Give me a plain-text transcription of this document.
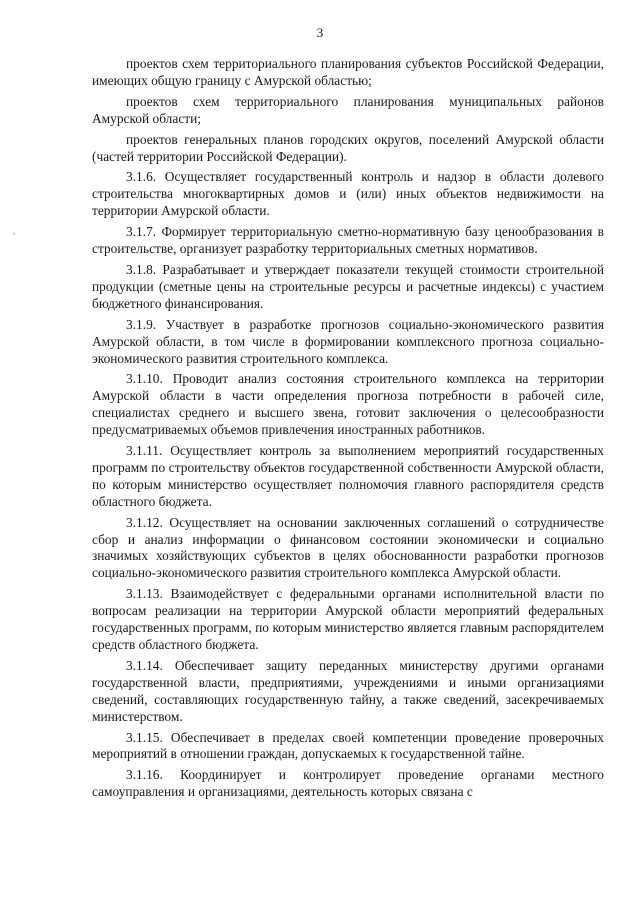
3
ʾ

проектов схем территориального планирования субъектов Российской Федерации, имеющих общую границу с Амурской областью;

проектов схем территориального планирования муниципальных районов Амурской области;

проектов генеральных планов городских округов, поселений Амурской области (частей территории Российской Федерации).

3.1.6. Осуществляет государственный контроль и надзор в области долевого строительства многоквартирных домов и (или) иных объектов недвижимости на территории Амурской области.

3.1.7. Формирует территориальную сметно-нормативную базу ценообразования в строительстве, организует разработку территориальных сметных нормативов.

3.1.8. Разрабатывает и утверждает показатели текущей стоимости строительной продукции (сметные цены на строительные ресурсы и расчетные индексы) с участием бюджетного финансирования.

3.1.9. Участвует в разработке прогнозов социально-экономического развития Амурской области, в том числе в формировании комплексного прогноза социально-экономического развития строительного комплекса.

3.1.10. Проводит анализ состояния строительного комплекса на территории Амурской области в части определения прогноза потребности в рабочей силе, специалистах среднего и высшего звена, готовит заключения о целесообразности предусматриваемых объемов привлечения иностранных работников.

3.1.11. Осуществляет контроль за выполнением мероприятий государственных программ по строительству объектов государственной собственности Амурской области, по которым министерство осуществляет полномочия главного распорядителя средств областного бюджета.

3.1.12. Осуществляет на основании заключенных соглашений о сотрудничестве сбор и анализ информации о финансовом состоянии экономически и социально значимых хозяйствующих субъектов в целях обоснованности разработки прогнозов социально-экономического развития строительного комплекса Амурской области.

3.1.13. Взаимодействует с федеральными органами исполнительной власти по вопросам реализации на территории Амурской области мероприятий федеральных государственных программ, по которым министерство является главным распорядителем средств областного бюджета.

3.1.14. Обеспечивает защиту переданных министерству другими органами государственной власти, предприятиями, учреждениями и иными организациями сведений, составляющих государственную тайну, а также сведений, засекречиваемых министерством.

3.1.15. Обеспечивает в пределах своей компетенции проведение проверочных мероприятий в отношении граждан, допускаемых к государственной тайне.

3.1.16. Координирует и контролирует проведение органами местного самоуправления и организациями, деятельность которых связана с
